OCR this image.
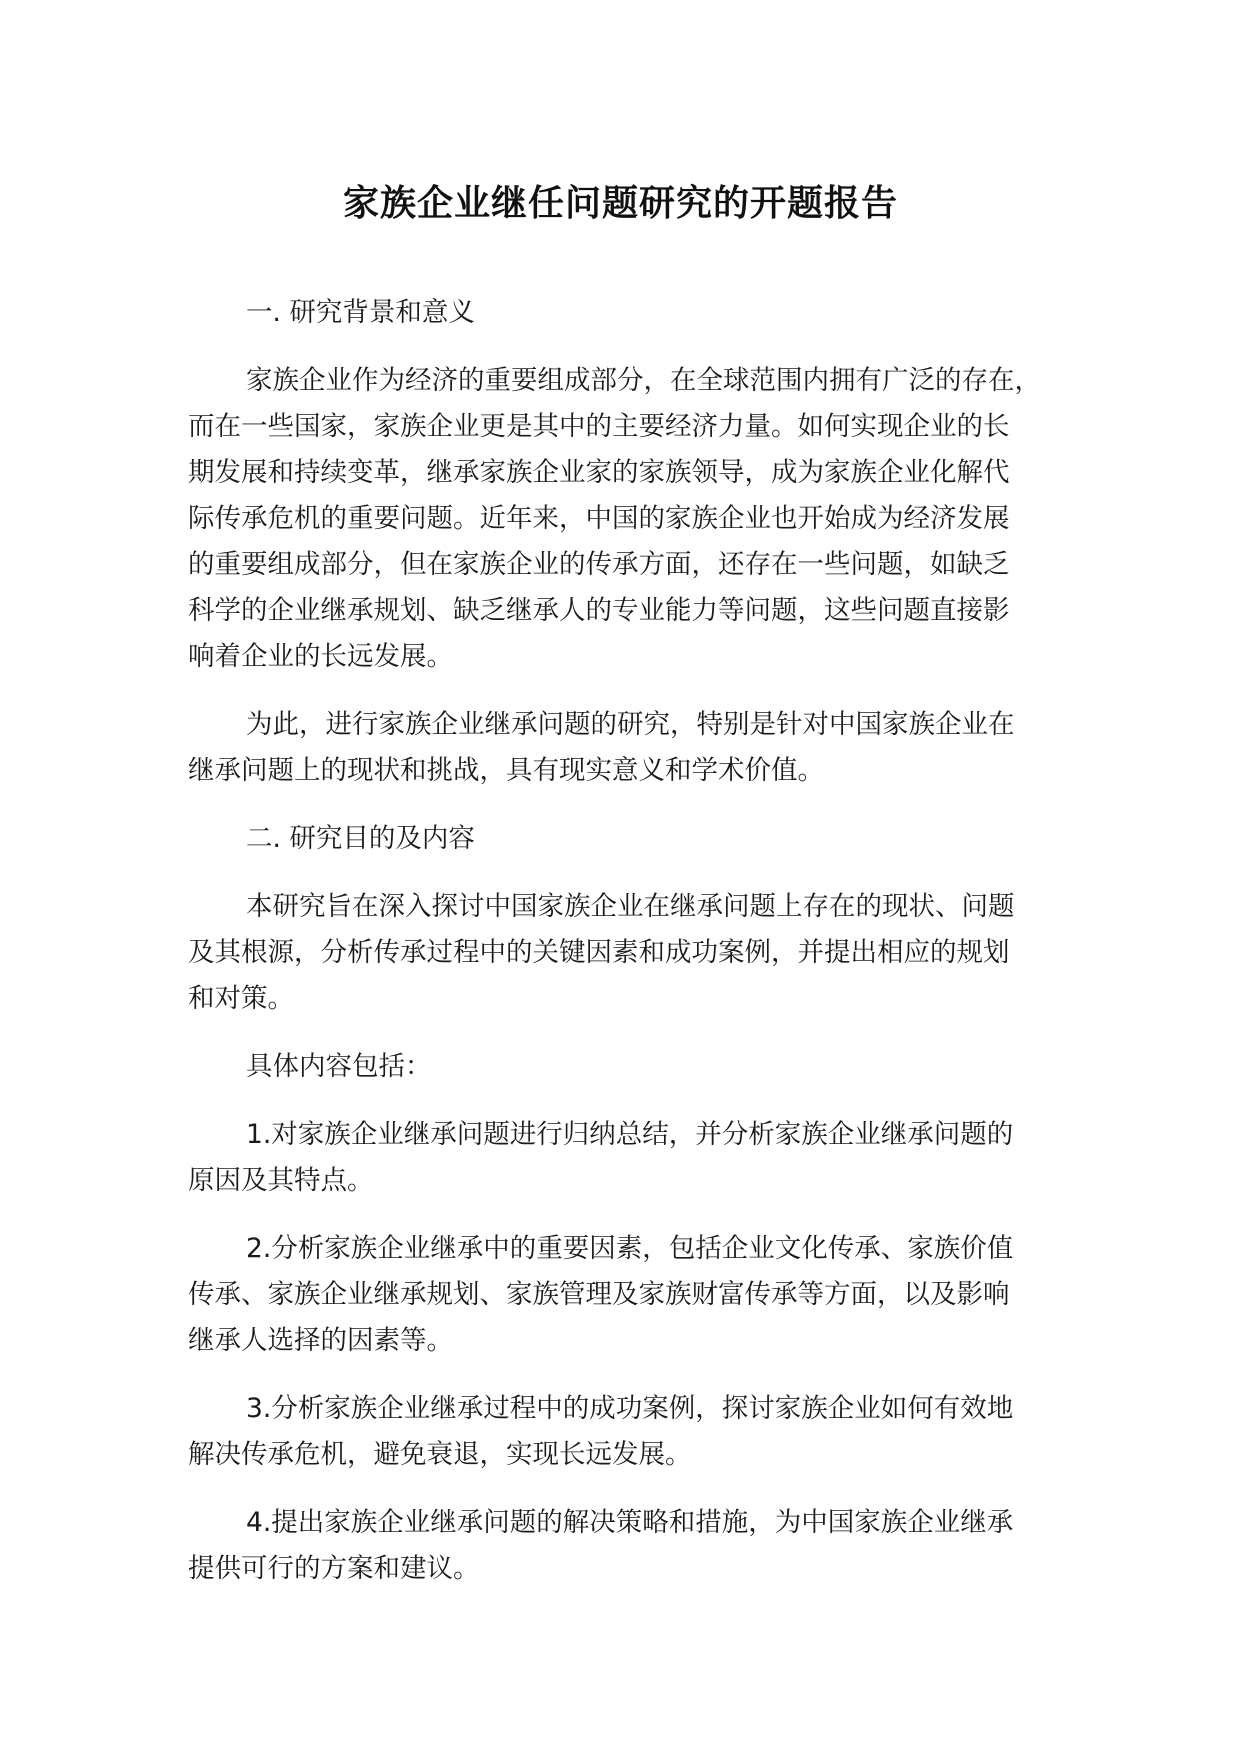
家族企业继任问题研究的开题报告
一. 研究背景和意义
家族企业作为经济的重要组成部分，在全球范围内拥有广泛的存在，
而在一些国家，家族企业更是其中的主要经济力量。如何实现企业的长
期发展和持续变革，继承家族企业家的家族领导，成为家族企业化解代
际传承危机的重要问题。近年来，中国的家族企业也开始成为经济发展
的重要组成部分，但在家族企业的传承方面，还存在一些问题，如缺乏
科学的企业继承规划、缺乏继承人的专业能力等问题，这些问题直接影
响着企业的长远发展。
为此，进行家族企业继承问题的研究，特别是针对中国家族企业在
继承问题上的现状和挑战，具有现实意义和学术价值。
二. 研究目的及内容
本研究旨在深入探讨中国家族企业在继承问题上存在的现状、问题
及其根源，分析传承过程中的关键因素和成功案例，并提出相应的规划
和对策。
具体内容包括：
1.对家族企业继承问题进行归纳总结，并分析家族企业继承问题的
原因及其特点。
2.分析家族企业继承中的重要因素，包括企业文化传承、家族价值
传承、家族企业继承规划、家族管理及家族财富传承等方面，以及影响
继承人选择的因素等。
3.分析家族企业继承过程中的成功案例，探讨家族企业如何有效地
解决传承危机，避免衰退，实现长远发展。
4.提出家族企业继承问题的解决策略和措施，为中国家族企业继承
提供可行的方案和建议。
